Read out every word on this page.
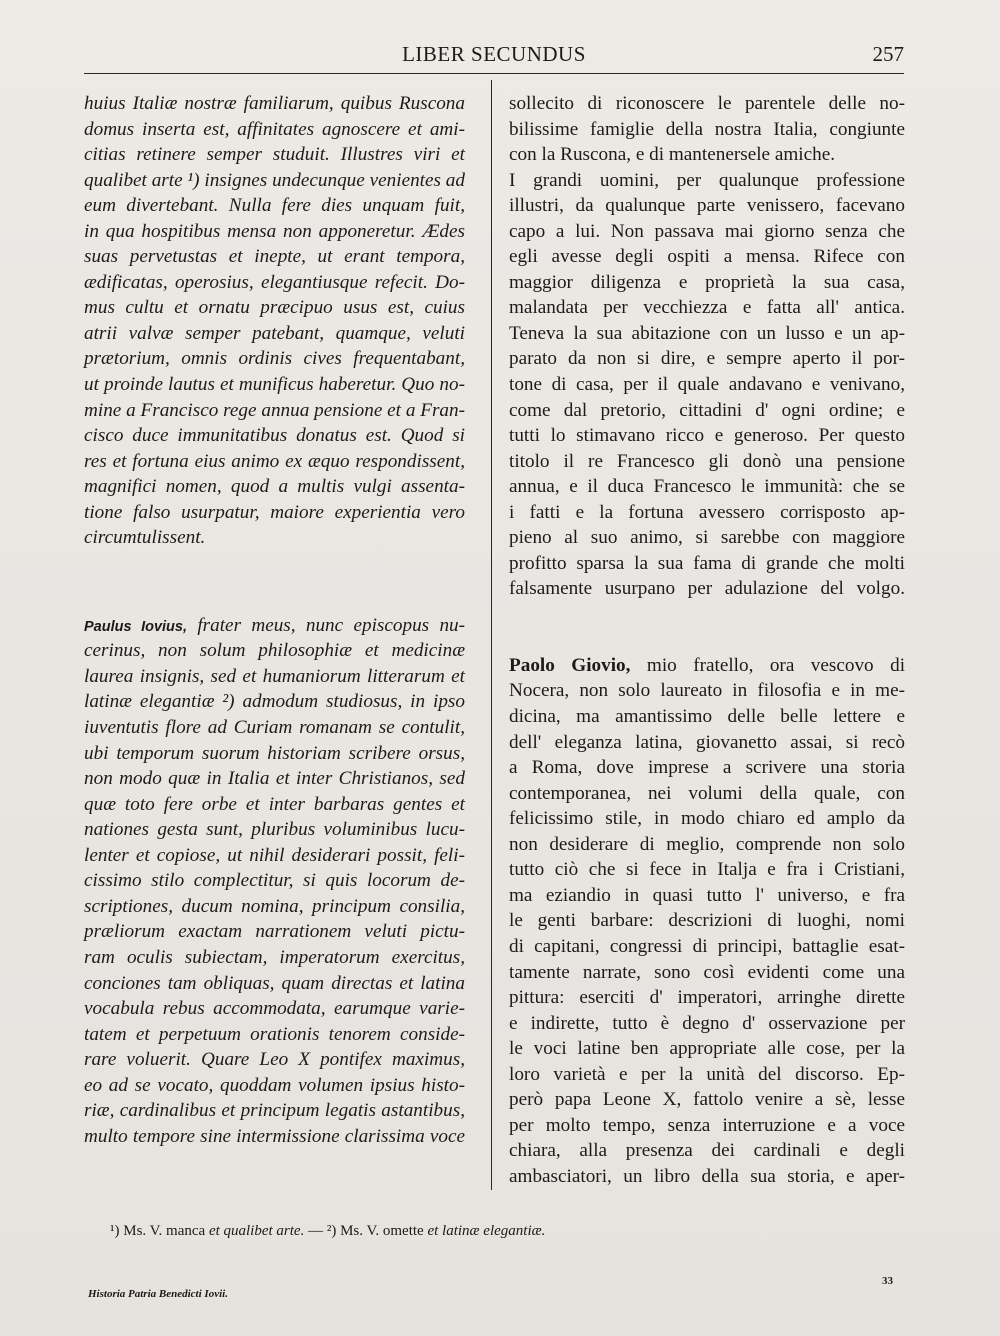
LIBER SECUNDUS	257
huius Italiæ nostræ familiarum, quibus Ruscona
domus inserta est, affinitates agnoscere et ami-
citias retinere semper studuit. Illustres viri et
qualibet arte ¹) insignes undecunque venientes ad
eum divertebant. Nulla fere dies unquam fuit,
in qua hospitibus mensa non apponeretur. Ædes
suas pervetustas et inepte, ut erant tempora,
ædificatas, operosius, elegantiusque refecit. Do-
mus cultu et ornatu præcipuo usus est, cuius
atrii valvæ semper patebant, quamque, veluti
prætorium, omnis ordinis cives frequentabant,
ut proinde lautus et munificus haberetur. Quo no-
mine a Francisco rege annua pensione et a Fran-
cisco duce immunitatibus donatus est. Quod si
res et fortuna eius animo ex æquo respondissent,
magnifici nomen, quod a multis vulgi assenta-
tione falso usurpatur, maiore experientia vero
circumtulissent.
Paulus Iovius, frater meus, nunc episcopus nu-
cerinus, non solum philosophiæ et medicinæ
laurea insignis, sed et humaniorum litterarum et
latinæ elegantiæ ²) admodum studiosus, in ipso
iuventutis flore ad Curiam romanam se contulit,
ubi temporum suorum historiam scribere orsus,
non modo quæ in Italia et inter Christianos, sed
quæ toto fere orbe et inter barbaras gentes et
nationes gesta sunt, pluribus voluminibus lucu-
lenter et copiose, ut nihil desiderari possit, feli-
cissimo stilo complectitur, si quis locorum de-
scriptiones, ducum nomina, principum consilia,
præliorum exactam narrationem veluti pictu-
ram oculis subiectam, imperatorum exercitus,
conciones tam obliquas, quam directas et latina
vocabula rebus accommodata, earumque varie-
tatem et perpetuum orationis tenorem conside-
rare voluerit. Quare Leo X pontifex maximus,
eo ad se vocato, quoddam volumen ipsius histo-
riæ, cardinalibus et principum legatis astantibus,
multo tempore sine intermissione clarissima voce
sollecito di riconoscere le parentele delle no-
bilissime famiglie della nostra Italia, congiunte
con la Ruscona, e di mantenersele amiche.
I grandi uomini, per qualunque professione
illustri, da qualunque parte venissero, facevano
capo a lui. Non passava mai giorno senza che
egli avesse degli ospiti a mensa. Rifece con
maggior diligenza e proprietà la sua casa,
malandata per vecchiezza e fatta all' antica.
Teneva la sua abitazione con un lusso e un ap-
parato da non si dire, e sempre aperto il por-
tone di casa, per il quale andavano e venivano,
come dal pretorio, cittadini d' ogni ordine; e
tutti lo stimavano ricco e generoso. Per questo
titolo il re Francesco gli donò una pensione
annua, e il duca Francesco le immunità: che se
i fatti e la fortuna avessero corrisposto ap-
pieno al suo animo, si sarebbe con maggiore
profitto sparsa la sua fama di grande che molti
falsamente usurpano per adulazione del volgo.
Paolo Giovio, mio fratello, ora vescovo di
Nocera, non solo laureato in filosofia e in me-
dicina, ma amantissimo delle belle lettere e
dell' eleganza latina, giovanetto assai, si recò
a Roma, dove imprese a scrivere una storia
contemporanea, nei volumi della quale, con
felicissimo stile, in modo chiaro ed amplo da
non desiderare di meglio, comprende non solo
tutto ciò che si fece in Italja e fra i Cristiani,
ma eziandio in quasi tutto l' universo, e fra
le genti barbare: descrizioni di luoghi, nomi
di capitani, congressi di principi, battaglie esat-
tamente narrate, sono così evidenti come una
pittura: eserciti d' imperatori, arringhe dirette
e indirette, tutto è degno d' osservazione per
le voci latine ben appropriate alle cose, per la
loro varietà e per la unità del discorso. Ep-
però papa Leone X, fattolo venire a sè, lesse
per molto tempo, senza interruzione e a voce
chiara, alla presenza dei cardinali e degli
ambasciatori, un libro della sua storia, e aper-
¹) Ms. V. manca et qualibet arte. — ²) Ms. V. omette et latinæ elegantiæ.
Historia Patria Benedicti Iovii.
33
